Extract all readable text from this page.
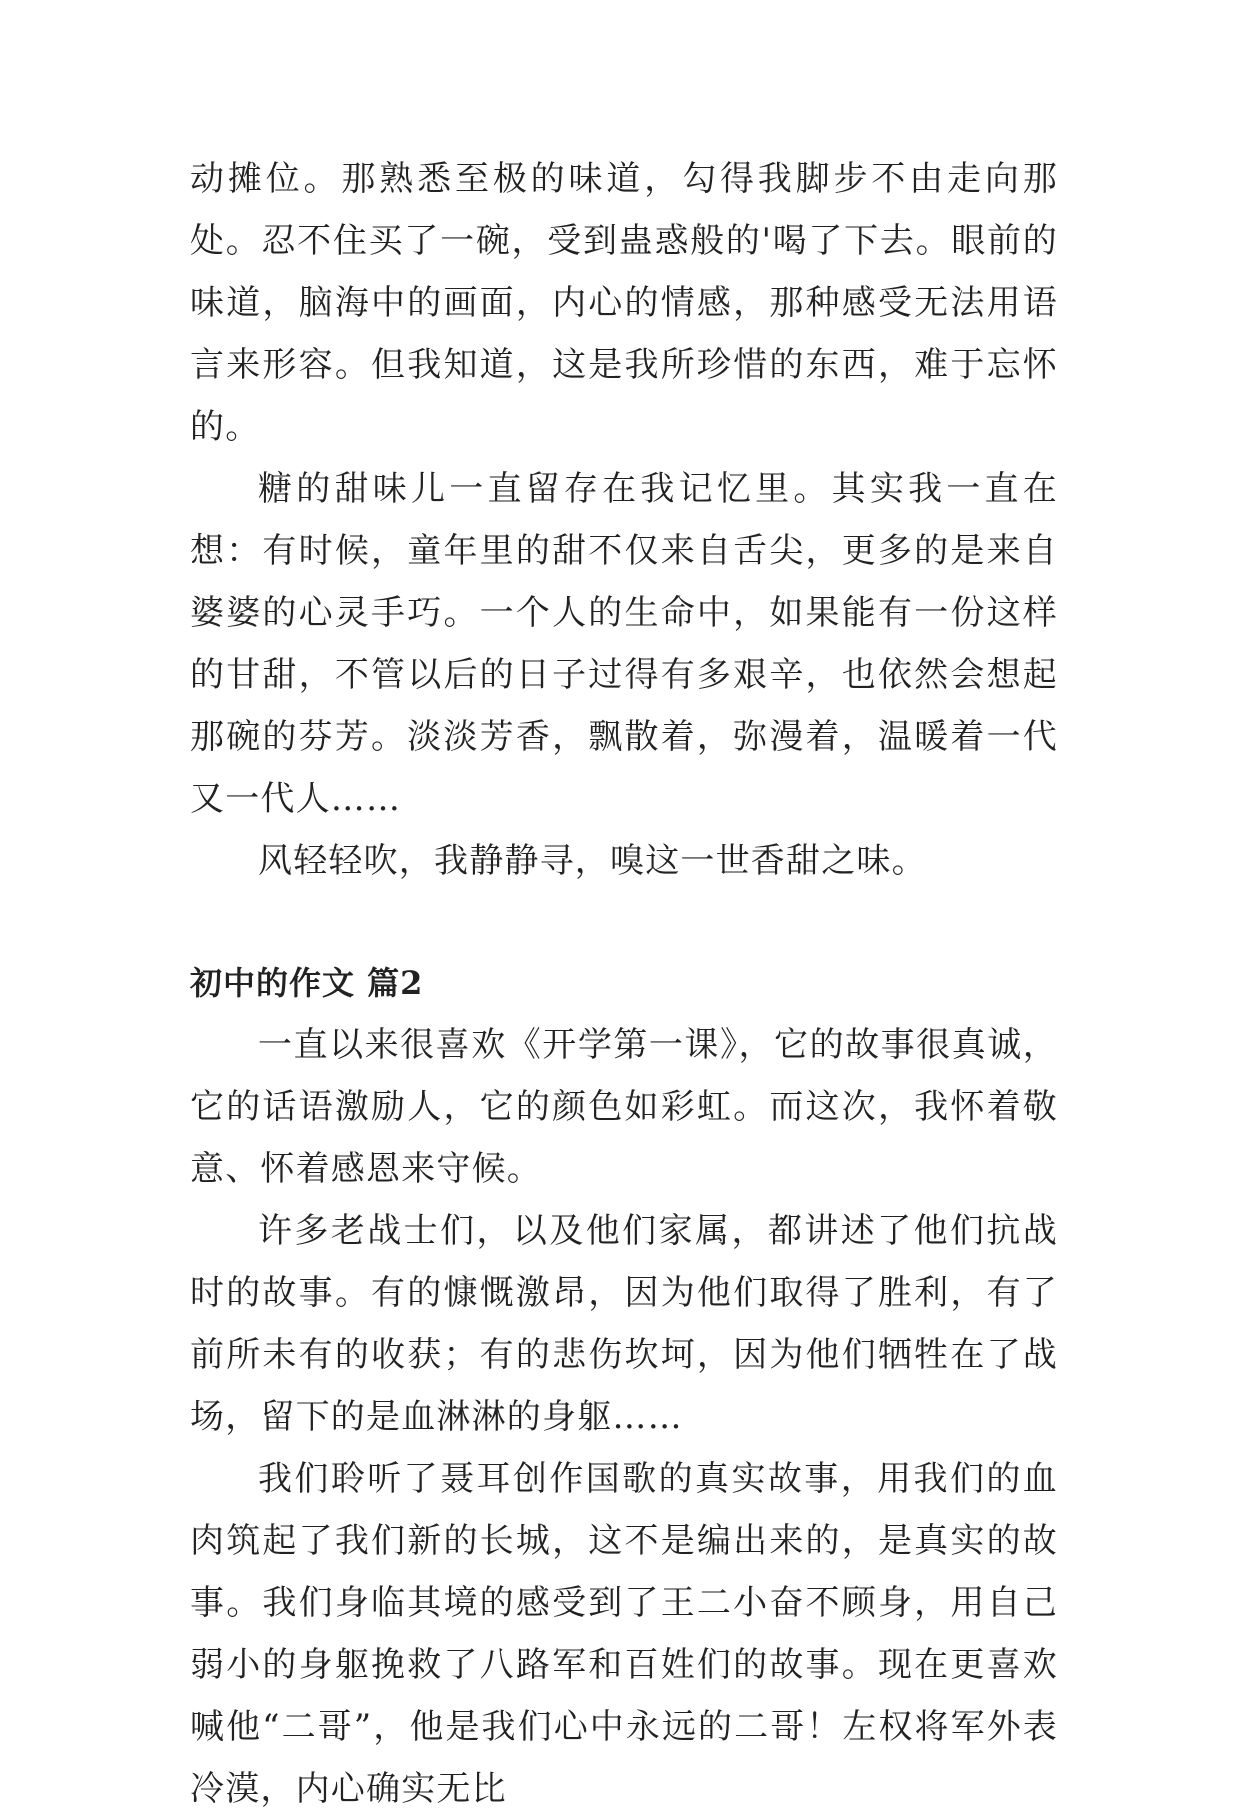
动摊位。那熟悉至极的味道，勾得我脚步不由走向那处。忍不住买了一碗，受到蛊惑般的'喝了下去。眼前的味道，脑海中的画面，内心的情感，那种感受无法用语言来形容。但我知道，这是我所珍惜的东西，难于忘怀的。

糖的甜味儿一直留存在我记忆里。其实我一直在想：有时候，童年里的甜不仅来自舌尖，更多的是来自婆婆的心灵手巧。一个人的生命中，如果能有一份这样的甘甜，不管以后的日子过得有多艰辛，也依然会想起那碗的芬芳。淡淡芳香，飘散着，弥漫着，温暖着一代又一代人……

风轻轻吹，我静静寻，嗅这一世香甜之味。

初中的作文 篇2

一直以来很喜欢《开学第一课》，它的故事很真诚，它的话语激励人，它的颜色如彩虹。而这次，我怀着敬意、怀着感恩来守候。

许多老战士们，以及他们家属，都讲述了他们抗战时的故事。有的慷慨激昂，因为他们取得了胜利，有了前所未有的收获；有的悲伤坎坷，因为他们牺牲在了战场，留下的是血淋淋的身躯……

我们聆听了聂耳创作国歌的真实故事，用我们的血肉筑起了我们新的长城，这不是编出来的，是真实的故事。我们身临其境的感受到了王二小奋不顾身，用自己弱小的身躯挽救了八路军和百姓们的故事。现在更喜欢喊他“二哥”，他是我们心中永远的二哥！左权将军外表冷漠，内心确实无比
